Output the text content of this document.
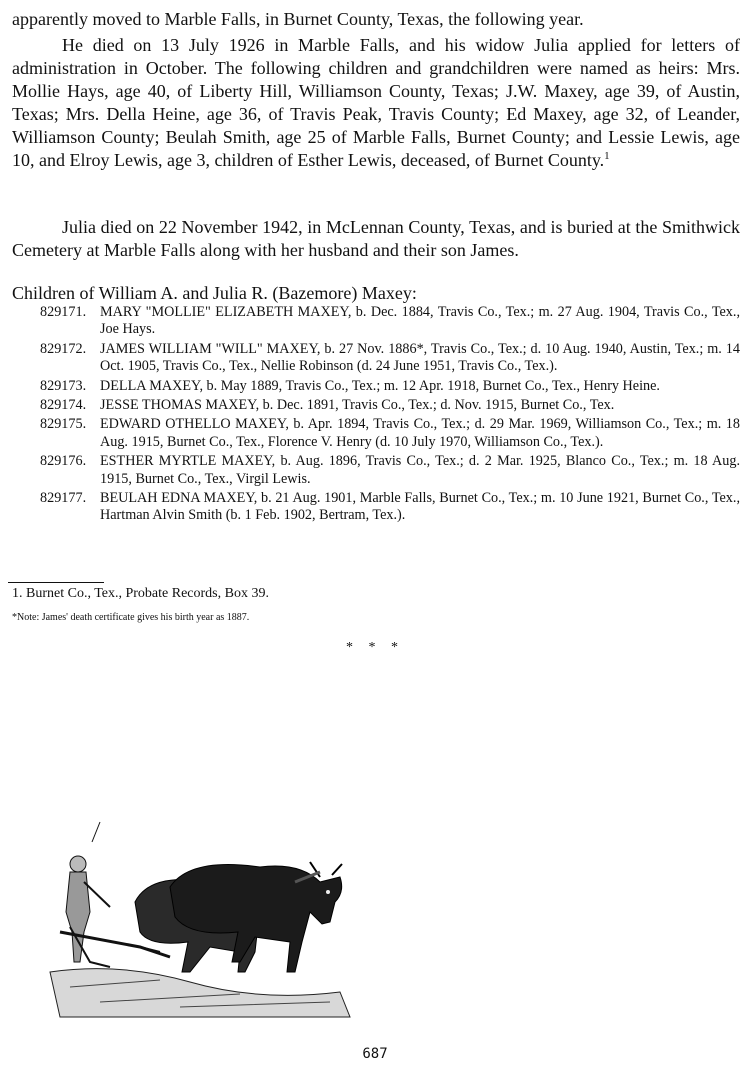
apparently moved to Marble Falls, in Burnet County, Texas, the following year.

He died on 13 July 1926 in Marble Falls, and his widow Julia applied for letters of administration in October. The following children and grandchildren were named as heirs: Mrs. Mollie Hays, age 40, of Liberty Hill, Williamson County, Texas; J.W. Maxey, age 39, of Austin, Texas; Mrs. Della Heine, age 36, of Travis Peak, Travis County; Ed Maxey, age 32, of Leander, Williamson County; Beulah Smith, age 25 of Marble Falls, Burnet County; and Lessie Lewis, age 10, and Elroy Lewis, age 3, children of Esther Lewis, deceased, of Burnet County.$^1$

Julia died on 22 November 1942, in McLennan County, Texas, and is buried at the Smithwick Cemetery at Marble Falls along with her husband and their son James.

Children of William A. and Julia R. (Bazemore) Maxey:

829171. MARY "MOLLIE" ELIZABETH MAXEY, b. Dec. 1884, Travis Co., Tex.; m. 27 Aug. 1904, Travis Co., Tex., Joe Hays.
829172. JAMES WILLIAM "WILL" MAXEY, b. 27 Nov. 1886*, Travis Co., Tex.; d. 10 Aug. 1940, Austin, Tex.; m. 14 Oct. 1905, Travis Co., Tex., Nellie Robinson (d. 24 June 1951, Travis Co., Tex.).
829173. DELLA MAXEY, b. May 1889, Travis Co., Tex.; m. 12 Apr. 1918, Burnet Co., Tex., Henry Heine.
829174. JESSE THOMAS MAXEY, b. Dec. 1891, Travis Co., Tex.; d. Nov. 1915, Burnet Co., Tex.
829175. EDWARD OTHELLO MAXEY, b. Apr. 1894, Travis Co., Tex.; d. 29 Mar. 1969, Williamson Co., Tex.; m. 18 Aug. 1915, Burnet Co., Tex., Florence V. Henry (d. 10 July 1970, Williamson Co., Tex.).
829176. ESTHER MYRTLE MAXEY, b. Aug. 1896, Travis Co., Tex.; d. 2 Mar. 1925, Blanco Co., Tex.; m. 18 Aug. 1915, Burnet Co., Tex., Virgil Lewis.
829177. BEULAH EDNA MAXEY, b. 21 Aug. 1901, Marble Falls, Burnet Co., Tex.; m. 10 June 1921, Burnet Co., Tex., Hartman Alvin Smith (b. 1 Feb. 1902, Bertram, Tex.).

1. Burnet Co., Tex., Probate Records, Box 39.

*Note: James' death certificate gives his birth year as 1887.

* * *

687
